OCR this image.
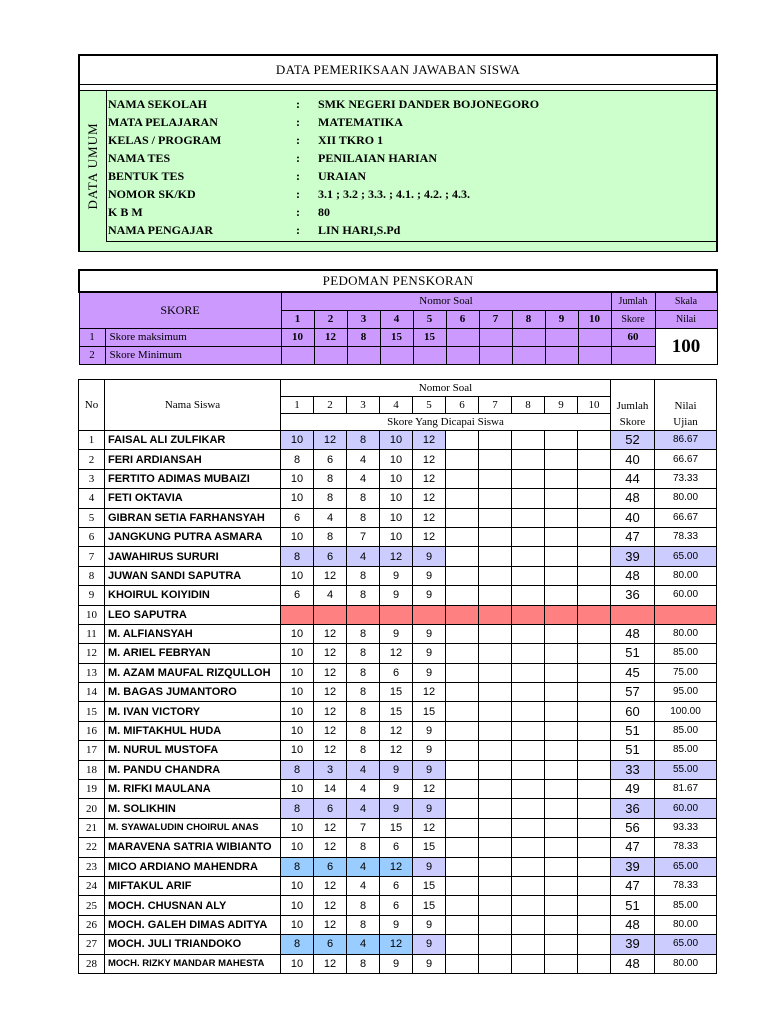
DATA PEMERIKSAAN JAWABAN SISWA
DATA UMUM
NAMA SEKOLAH	:	SMK NEGERI DANDER BOJONEGORO
MATA PELAJARAN	:	MATEMATIKA
KELAS / PROGRAM	:	XII TKRO 1
NAMA TES	:	PENILAIAN HARIAN
BENTUK TES	:	URAIAN
NOMOR SK/KD	:	3.1 ; 3.2 ; 3.3. ; 4.1. ; 4.2. ; 4.3.
K B M	:	80
NAMA PENGAJAR	:	LIN HARI,S.Pd
PEDOMAN PENSKORAN													
SKORE		Nomor Soal										Jumlah	Skala
		1	2	3	4	5	6	7	8	9	10	Skore	Nilai
1	Skore maksimum	10	12	8	15	15						60	100
2	Skore Minimum												
No	Nama Siswa	Nomor Soal										Jumlah	Nilai
		1	2	3	4	5	6	7	8	9	10		
		Skore Yang Dicapai Siswa										Skore	Ujian
1	FAISAL ALI ZULFIKAR	10	12	8	10	12						52	86.67
2	FERI ARDIANSAH	8	6	4	10	12						40	66.67
3	FERTITO ADIMAS MUBAIZI	10	8	4	10	12						44	73.33
4	FETI OKTAVIA	10	8	8	10	12						48	80.00
5	GIBRAN SETIA FARHANSYAH	6	4	8	10	12						40	66.67
6	JANGKUNG PUTRA ASMARA	10	8	7	10	12						47	78.33
7	JAWAHIRUS SURURI	8	6	4	12	9						39	65.00
8	JUWAN SANDI SAPUTRA	10	12	8	9	9						48	80.00
9	KHOIRUL KOIYIDIN	6	4	8	9	9						36	60.00
10	LEO SAPUTRA												
11	M. ALFIANSYAH	10	12	8	9	9						48	80.00
12	M. ARIEL FEBRYAN	10	12	8	12	9						51	85.00
13	M. AZAM MAUFAL RIZQULLOH	10	12	8	6	9						45	75.00
14	M. BAGAS JUMANTORO	10	12	8	15	12						57	95.00
15	M. IVAN VICTORY	10	12	8	15	15						60	100.00
16	M. MIFTAKHUL HUDA	10	12	8	12	9						51	85.00
17	M. NURUL MUSTOFA	10	12	8	12	9						51	85.00
18	M. PANDU CHANDRA	8	3	4	9	9						33	55.00
19	M. RIFKI MAULANA	10	14	4	9	12						49	81.67
20	M. SOLIKHIN	8	6	4	9	9						36	60.00
21	M. SYAWALUDIN CHOIRUL ANAS	10	12	7	15	12						56	93.33
22	MARAVENA SATRIA WIBIANTO	10	12	8	6	15						47	78.33
23	MICO ARDIANO MAHENDRA	8	6	4	12	9						39	65.00
24	MIFTAKUL ARIF	10	12	4	6	15						47	78.33
25	MOCH. CHUSNAN ALY	10	12	8	6	15						51	85.00
26	MOCH. GALEH DIMAS ADITYA	10	12	8	9	9						48	80.00
27	MOCH. JULI TRIANDOKO	8	6	4	12	9						39	65.00
28	MOCH. RIZKY MANDAR MAHESTA	10	12	8	9	9						48	80.00
